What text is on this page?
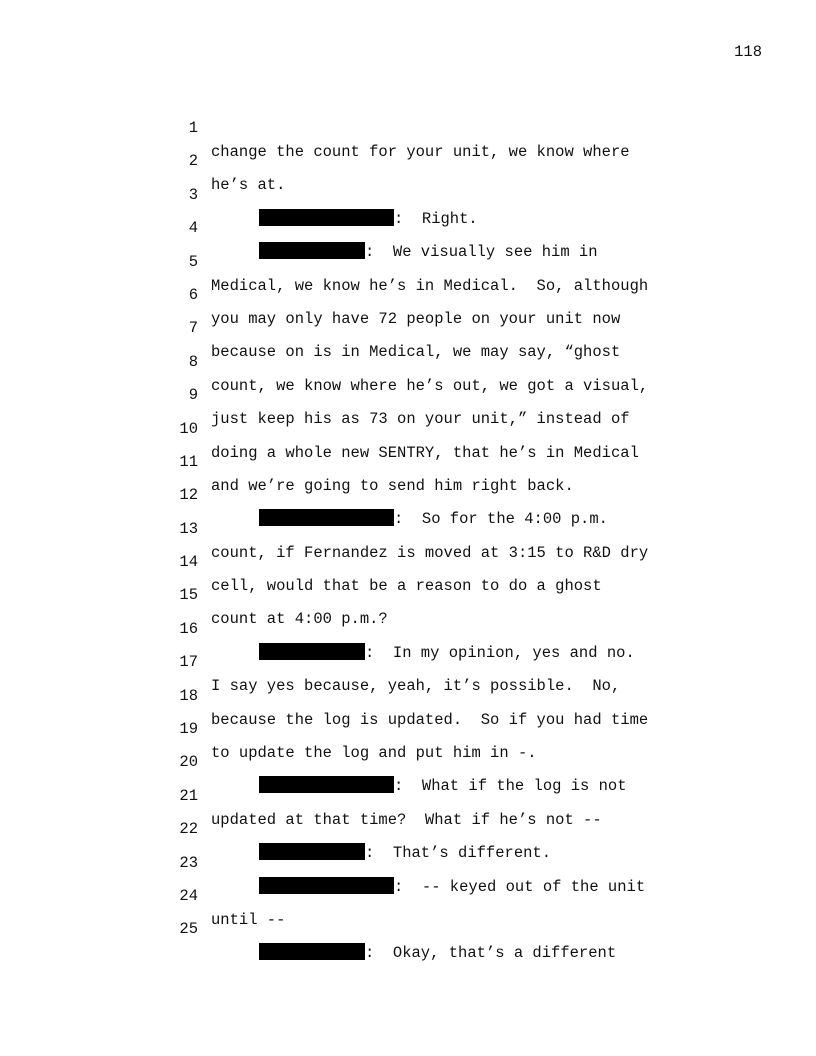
118

1

change the count for your unit, we know where

2

he’s at.

3

:  Right.

4

:  We visually see him in

5

Medical, we know he’s in Medical.  So, although

6

you may only have 72 people on your unit now

7

because on is in Medical, we may say, “ghost

8

count, we know where he’s out, we got a visual,

9

just keep his as 73 on your unit,” instead of

10

doing a whole new SENTRY, that he’s in Medical

11

and we’re going to send him right back.

12

:  So for the 4:00 p.m.

13

count, if Fernandez is moved at 3:15 to R&D dry

14

cell, would that be a reason to do a ghost

15

count at 4:00 p.m.?

16

:  In my opinion, yes and no.

17

I say yes because, yeah, it’s possible.  No,

18

because the log is updated.  So if you had time

19

to update the log and put him in -.

20

:  What if the log is not

21

updated at that time?  What if he’s not --

22

:  That’s different.

23

:  -- keyed out of the unit

24

until --

25

:  Okay, that’s a different
